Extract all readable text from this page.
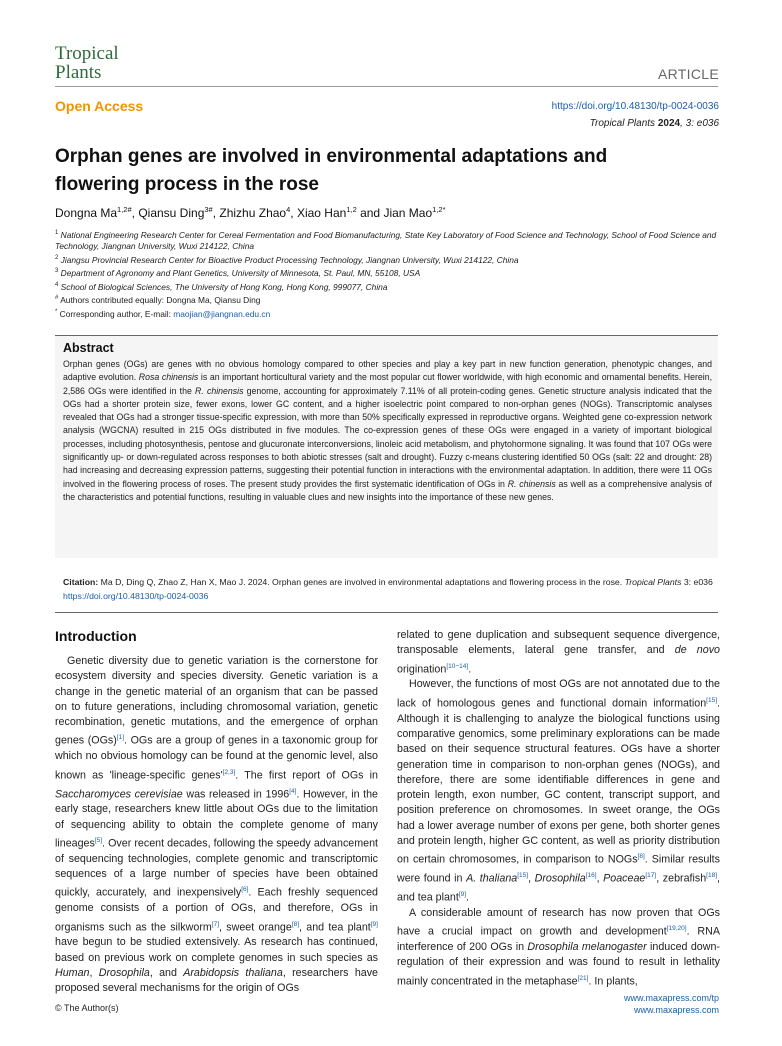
Tropical
Plants	ARTICLE
Open Access	https://doi.org/10.48130/tp-0024-0036
Tropical Plants 2024, 3: e036
Orphan genes are involved in environmental adaptations and flowering process in the rose
Dongna $Ma^{1,2\#}$, Qiansu Ding$^{3\#}$, Zhizhu Zhao$^4$, Xiao Han$^{1,2}$ and Jian Mao$^{1,2*}$
$^1$ National Engineering Research Center for Cereal Fermentation and Food Biomanufacturing, State Key Laboratory of Food Science and Technology, School of Food Science and Technology, Jiangnan University, Wuxi 214122, China
$^2$ Jiangsu Provincial Research Center for Bioactive Product Processing Technology, Jiangnan University, Wuxi 214122, China
$^3$ Department of Agronomy and Plant Genetics, University of Minnesota, St. Paul, MN, 55108, USA
$^4$ School of Biological Sciences, The University of Hong Kong, Hong Kong, 999077, China
# Authors contributed equally: Dongna Ma, Qiansu Ding
* Corresponding author, E-mail: maojian@jiangnan.edu.cn
Abstract
Orphan genes (OGs) are genes with no obvious homology compared to other species and play a key part in new function generation, phenotypic changes, and adaptive evolution. Rosa chinensis is an important horticultural variety and the most popular cut flower worldwide, with high economic and ornamental benefits. Herein, 2,586 OGs were identified in the R. chinensis genome, accounting for approximately 7.11% of all protein-coding genes. Genetic structure analysis indicated that the OGs had a shorter protein size, fewer exons, lower GC content, and a higher isoelectric point compared to non-orphan genes (NOGs). Transcriptomic analyses revealed that OGs had a stronger tissue-specific expression, with more than 50% specifically expressed in reproductive organs. Weighted gene co-expression network analysis (WGCNA) resulted in 215 OGs distributed in five modules. The co-expression genes of these OGs were engaged in a variety of important biological processes, including photosynthesis, pentose and glucuronate interconversions, linoleic acid metabolism, and phytohormone signaling. It was found that 107 OGs were significantly up- or down-regulated across responses to both abiotic stresses (salt and drought). Fuzzy c-means clustering identified 50 OGs (salt: 22 and drought: 28) had increasing and decreasing expression patterns, suggesting their potential function in interactions with the environmental adaptation. In addition, there were 11 OGs involved in the flowering process of roses. The present study provides the first systematic identification of OGs in R. chinensis as well as a comprehensive analysis of the characteristics and potential functions, resulting in valuable clues and new insights into the importance of these new genes.
Citation: Ma D, Ding Q, Zhao Z, Han X, Mao J. 2024. Orphan genes are involved in environmental adaptations and flowering process in the rose. Tropical Plants 3: e036 https://doi.org/10.48130/tp-0024-0036
Introduction

Genetic diversity due to genetic variation is the cornerstone for ecosystem diversity and species diversity. Genetic variation is a change in the genetic material of an organism that can be passed on to future generations, including chromosomal variation, genetic recombination, genetic mutations, and the emergence of orphan genes (OGs)[1]. OGs are a group of genes in a taxonomic group for which no obvious homology can be found at the genomic level, also known as 'lineage-specific genes'[2,3]. The first report of OGs in Saccharomyces cerevisiae was released in 1996[4]. However, in the early stage, researchers knew little about OGs due to the limitation of sequencing ability to obtain the complete genome of many lineages[5]. Over recent decades, following the speedy advancement of sequencing technologies, complete genomic and transcriptomic sequences of a large number of species have been obtained quickly, accurately, and inexpensively[6]. Each freshly sequenced genome consists of a portion of OGs, and therefore, OGs in organisms such as the silkworm[7], sweet orange[8], and tea plant[9] have begun to be studied extensively. As research has continued, based on previous work on complete genomes in such species as Human, Drosophila, and Arabidopsis thaliana, researchers have proposed several mechanisms for the origin of OGs

related to gene duplication and subsequent sequence divergence, transposable elements, lateral gene transfer, and de novo origination[10−14].

However, the functions of most OGs are not annotated due to the lack of homologous genes and functional domain information[15]. Although it is challenging to analyze the biological functions using comparative genomics, some preliminary explorations can be made based on their sequence structural features. OGs have a shorter generation time in comparison to non-orphan genes (NOGs), and therefore, there are some identifiable differences in gene and protein length, exon number, GC content, transcript support, and position preference on chromosomes. In sweet orange, the OGs had a lower average number of exons per gene, both shorter genes and protein length, higher GC content, as well as priority distribution on certain chromosomes, in comparison to NOGs[8]. Similar results were found in A. thaliana[15], Drosophila[16], Poaceae[17], zebrafish[18], and tea plant[9].

A considerable amount of research has now proven that OGs have a crucial impact on growth and development[19,20]. RNA interference of 200 OGs in Drosophila melanogaster induced down-regulation of their expression and was found to result in lethality mainly concentrated in the metaphase[21]. In plants,

© The Author(s)
www.maxapress.com/tp
www.maxapress.com
